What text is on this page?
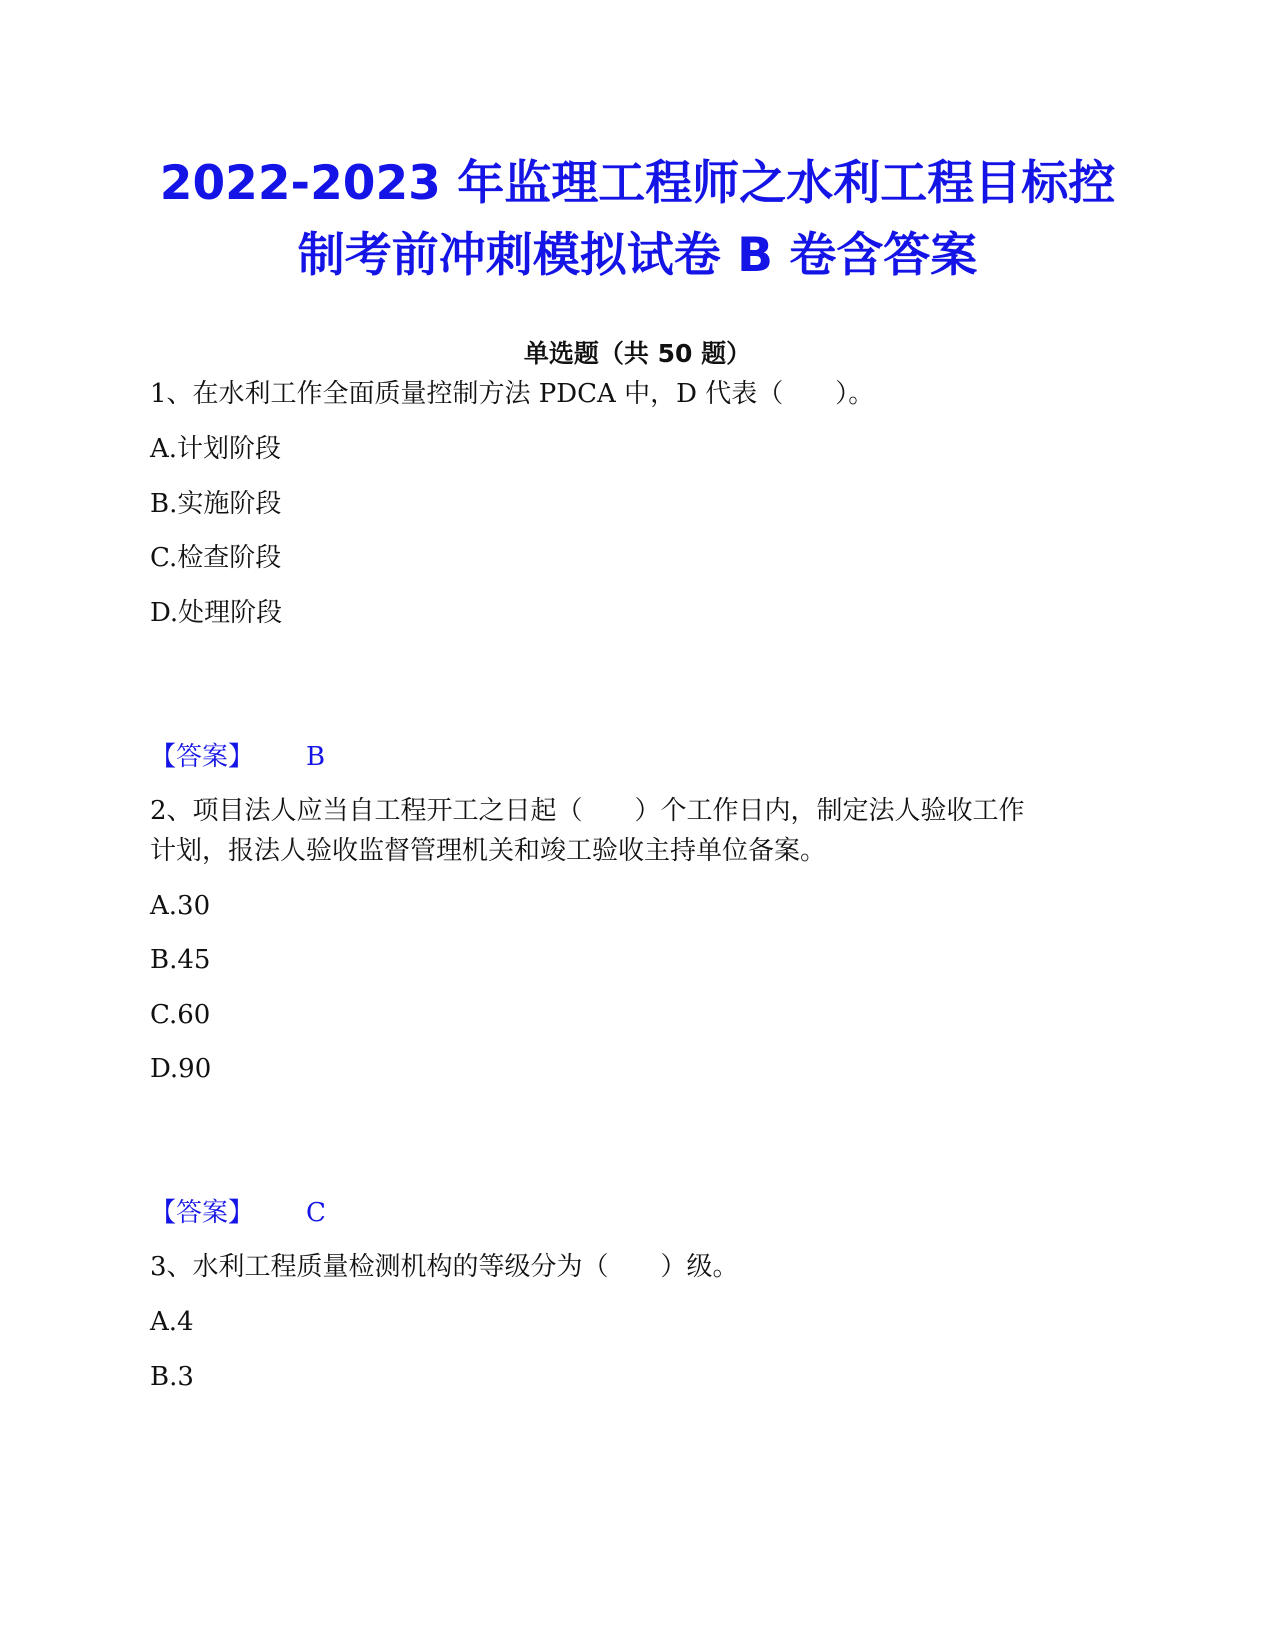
2022-2023 年监理工程师之水利工程目标控
制考前冲刺模拟试卷 B 卷含答案
单选题（共 50 题）
1、在水利工作全面质量控制方法 PDCA 中，D 代表（　　）。
A.计划阶段
B.实施阶段
C.检查阶段
D.处理阶段
【答案】 B
2、项目法人应当自工程开工之日起（　　）个工作日内，制定法人验收工作
计划，报法人验收监督管理机关和竣工验收主持单位备案。
A.30
B.45
C.60
D.90
【答案】 C
3、水利工程质量检测机构的等级分为（　　）级。
A.4
B.3
